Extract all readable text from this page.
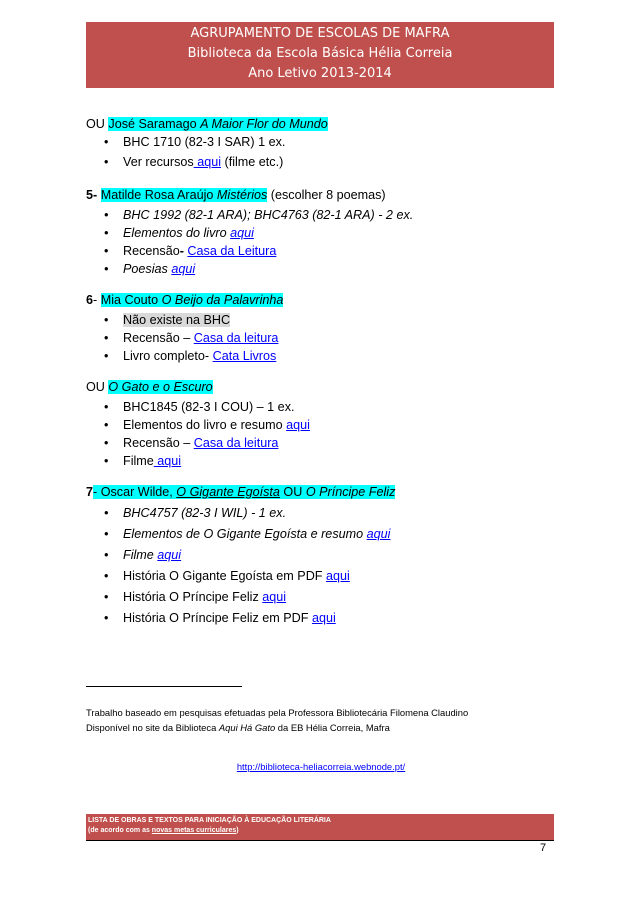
AGRUPAMENTO DE ESCOLAS DE MAFRA
Biblioteca da Escola Básica Hélia Correia
Ano Letivo 2013-2014
OU José Saramago A Maior Flor do Mundo
• BHC 1710 (82-3 I SAR) 1 ex.
• Ver recursos aqui (filme etc.)
5- Matilde Rosa Araújo Mistérios (escolher 8 poemas)
• BHC 1992 (82-1 ARA); BHC4763 (82-1 ARA) - 2 ex.
• Elementos do livro aqui
• Recensão- Casa da Leitura
• Poesias aqui
6- Mia Couto O Beijo da Palavrinha
• Não existe na BHC
• Recensão – Casa da leitura
• Livro completo- Cata Livros
OU O Gato e o Escuro
• BHC1845 (82-3 I COU) – 1 ex.
• Elementos do livro e resumo aqui
• Recensão – Casa da leitura
• Filme aqui
7- Oscar Wilde, O Gigante Egoísta OU O Príncipe Feliz
• BHC4757 (82-3 I WIL) - 1 ex.
• Elementos de O Gigante Egoísta e resumo aqui
• Filme aqui
• História O Gigante Egoísta em PDF aqui
• História O Príncipe Feliz aqui
• História O Príncipe Feliz em PDF aqui
Trabalho baseado em pesquisas efetuadas pela Professora Bibliotecária Filomena Claudino
Disponível no site da Biblioteca Aqui Há Gato da EB Hélia Correia, Mafra
http://biblioteca-heliacorreia.webnode.pt/
LISTA DE OBRAS E TEXTOS PARA INICIAÇÃO À EDUCAÇÃO LITERÁRIA
(de acordo com as novas metas curriculares)
7
